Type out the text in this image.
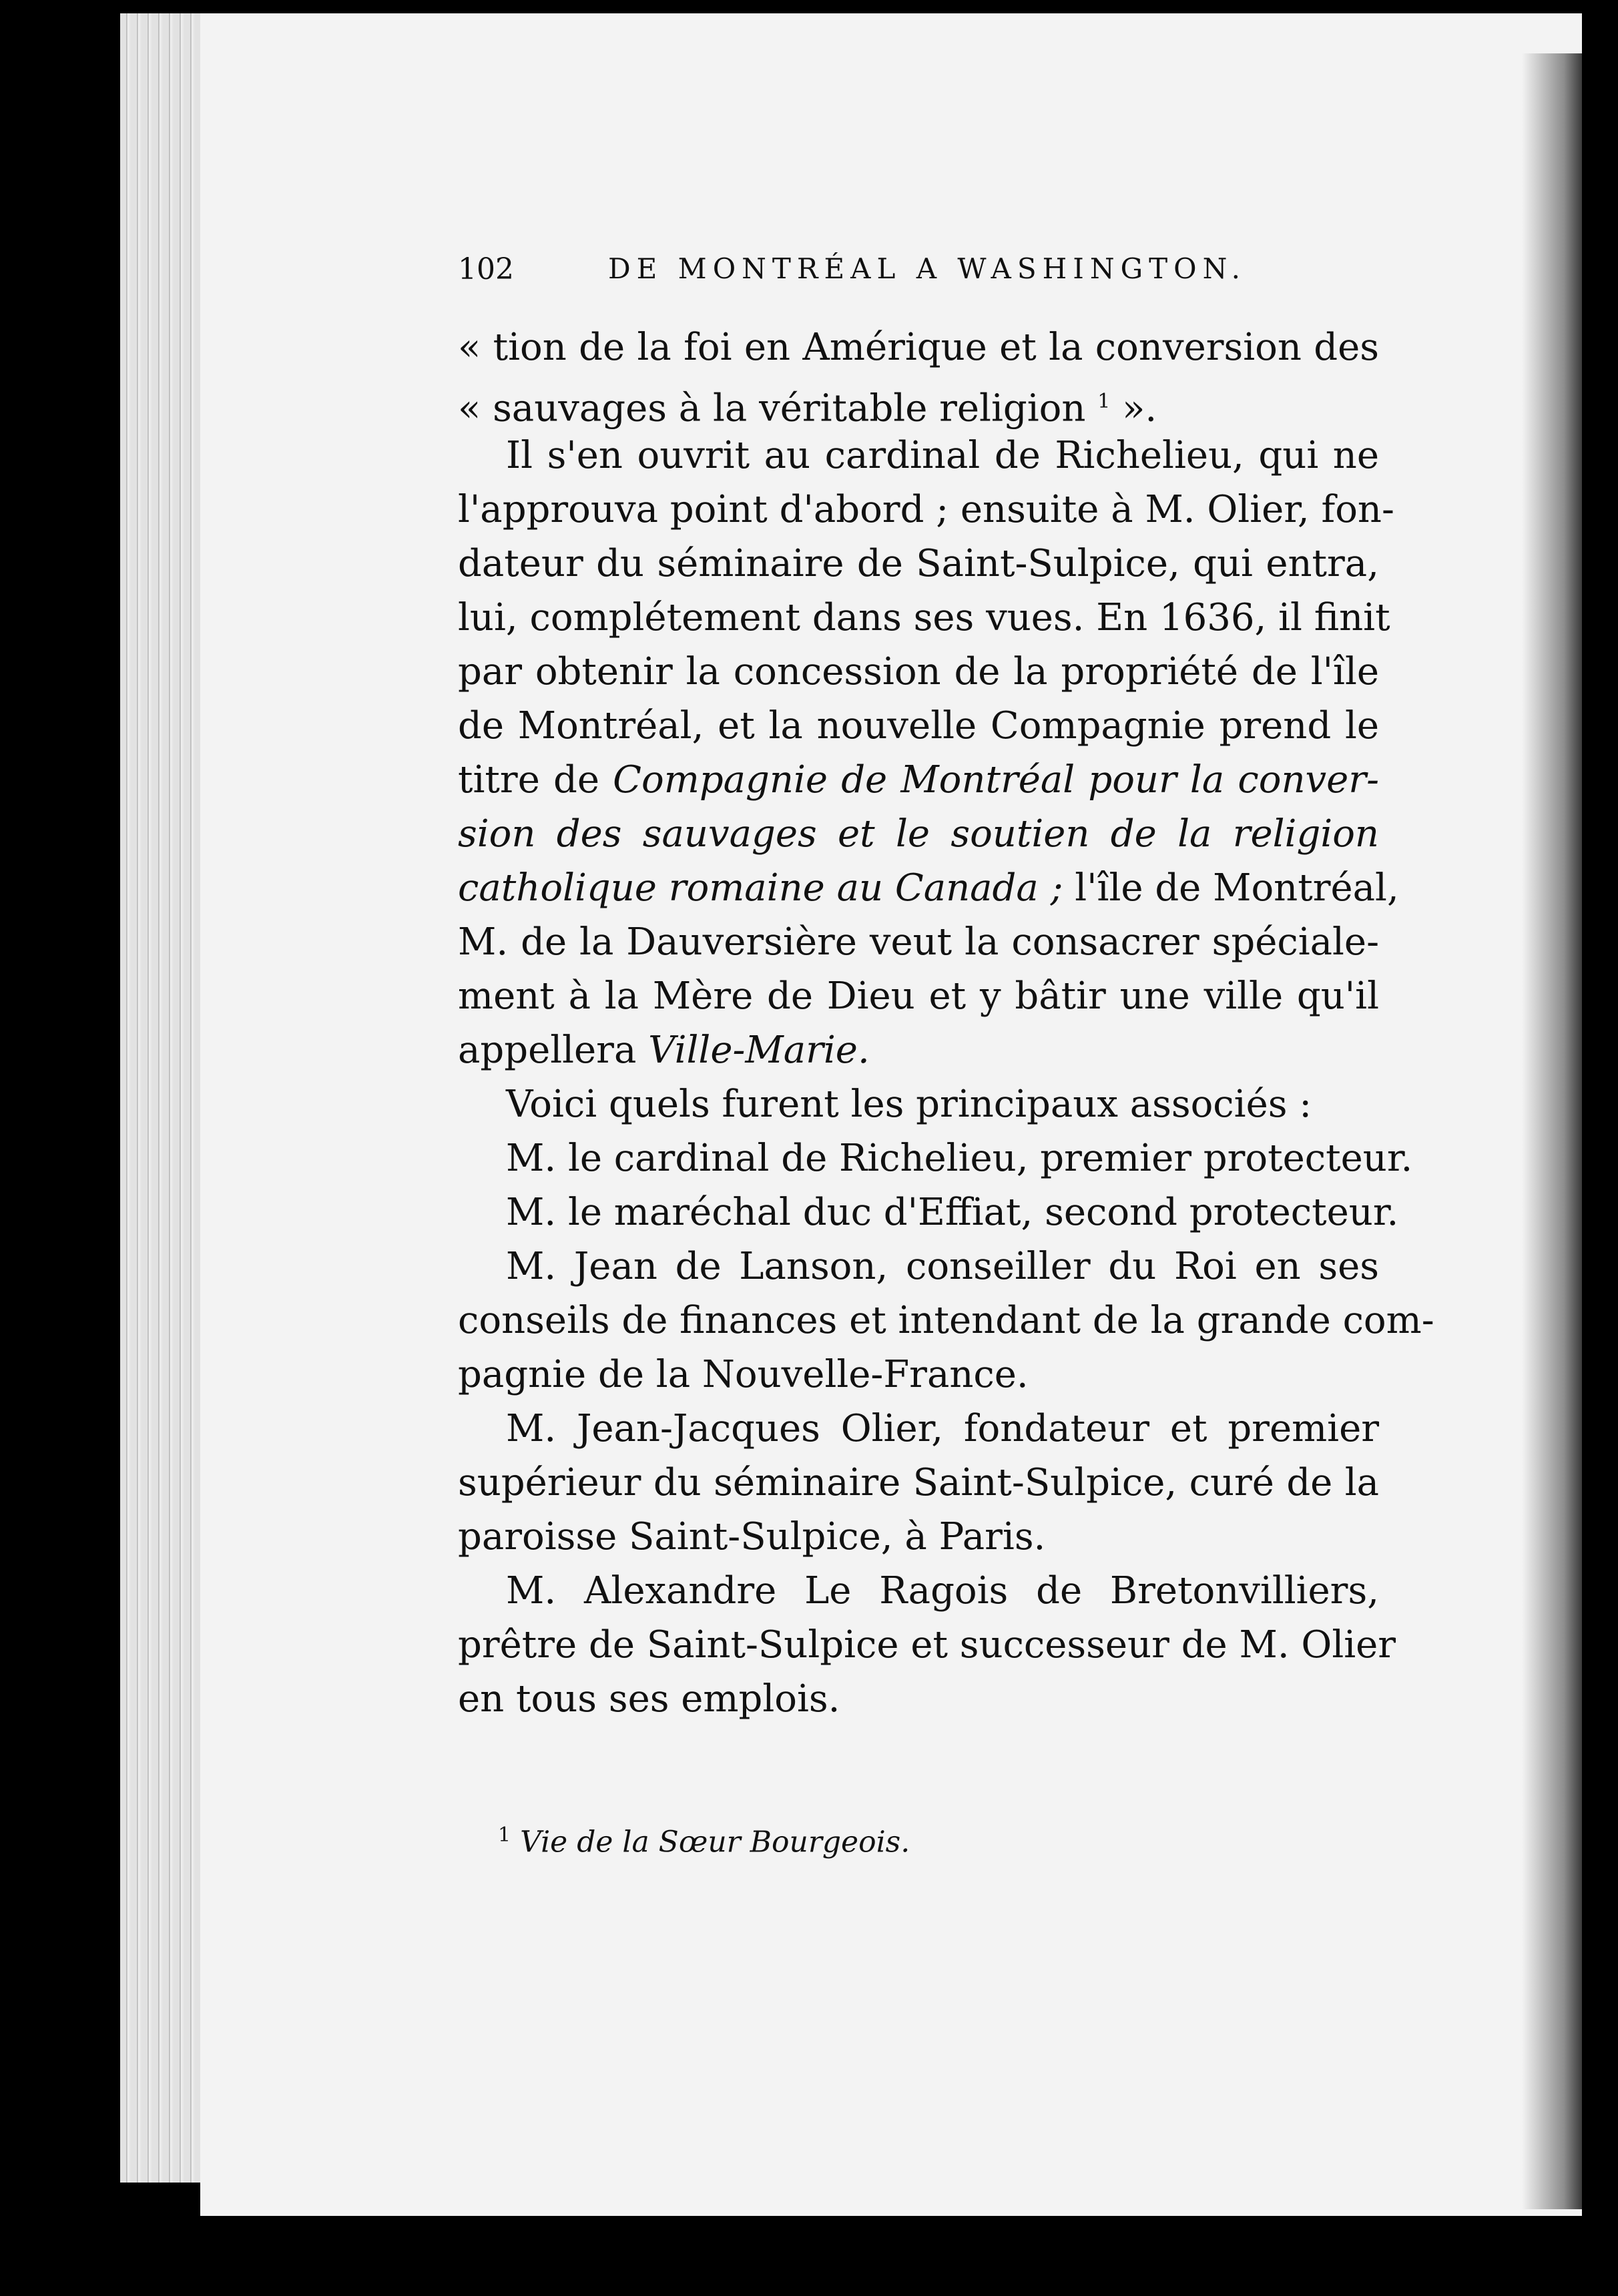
102	DE MONTRÉAL A WASHINGTON.
« tion de la foi en Amérique et la conversion des
« sauvages à la véritable religion $^1$ ».
Il s'en ouvrit au cardinal de Richelieu, qui ne
l'approuva point d'abord ; ensuite à M. Olier, fon-
dateur du séminaire de Saint-Sulpice, qui entra,
lui, complétement dans ses vues. En 1636, il finit
par obtenir la concession de la propriété de l'île
de Montréal, et la nouvelle Compagnie prend le
titre de Compagnie de Montréal pour la conver-
sion des sauvages et le soutien de la religion
catholique romaine au Canada ; l'île de Montréal,
M. de la Dauversière veut la consacrer spéciale-
ment à la Mère de Dieu et y bâtir une ville qu'il
appellera Ville-Marie.
Voici quels furent les principaux associés :
M. le cardinal de Richelieu, premier protecteur.
M. le maréchal duc d'Effiat, second protecteur.
M. Jean de Lanson, conseiller du Roi en ses
conseils de finances et intendant de la grande com-
pagnie de la Nouvelle-France.
M. Jean-Jacques Olier, fondateur et premier
supérieur du séminaire Saint-Sulpice, curé de la
paroisse Saint-Sulpice, à Paris.
M. Alexandre Le Ragois de Bretonvilliers,
prêtre de Saint-Sulpice et successeur de M. Olier
en tous ses emplois.
$^1$ Vie de la Sœur Bourgeois.
